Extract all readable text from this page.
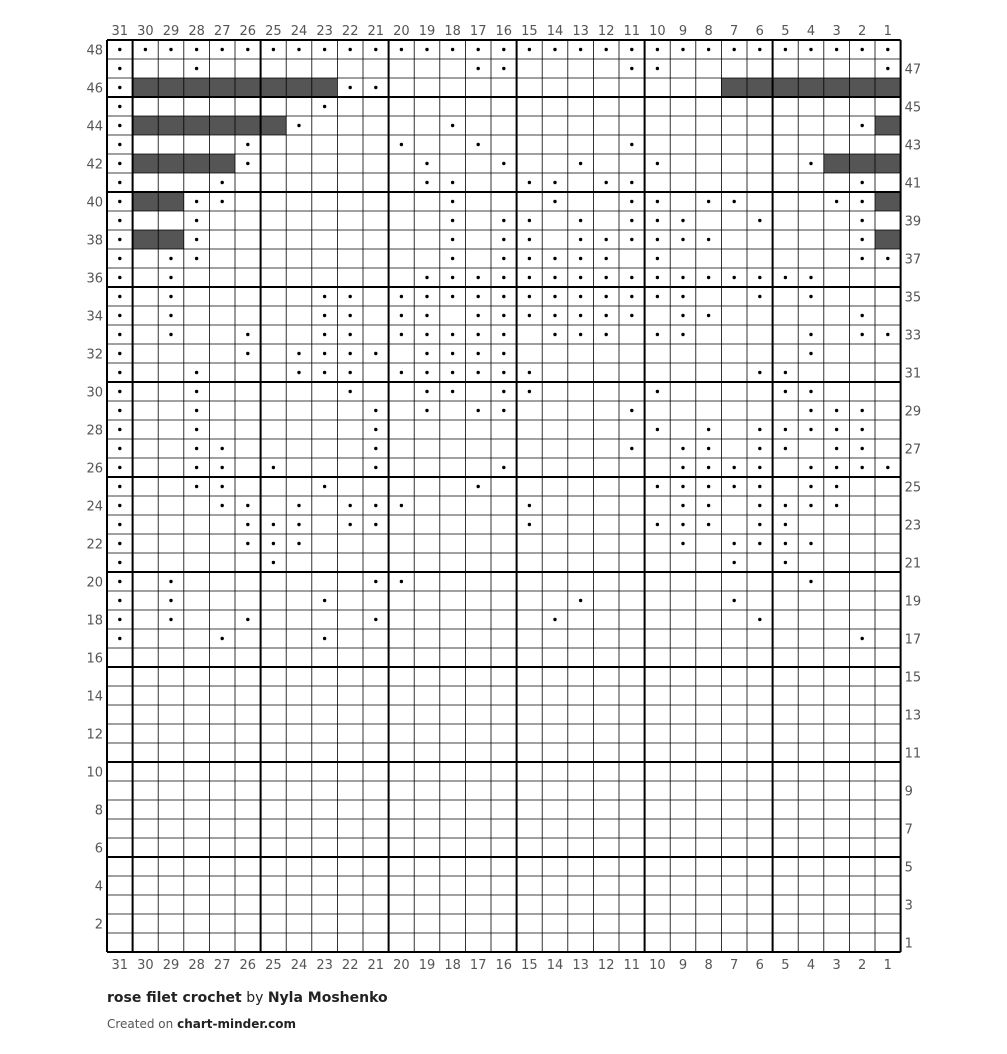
31
31
30
30
29
29
28
28
27
27
26
26
25
25
24
24
23
23
22
22
21
21
20
20
19
19
18
18
17
17
16
16
15
15
14
14
13
13
12
12
11
11
10
10
9
9
8
8
7
7
6
6
5
5
4
4
3
3
2
2
1
1
48
47
46
45
44
43
42
41
40
39
38
37
36
35
34
33
32
31
30
29
28
27
26
25
24
23
22
21
20
19
18
17
16
15
14
13
12
11
10
9
8
7
6
5
4
3
2
1
rose filet crochet by Nyla Moshenko
Created on chart-minder.com
